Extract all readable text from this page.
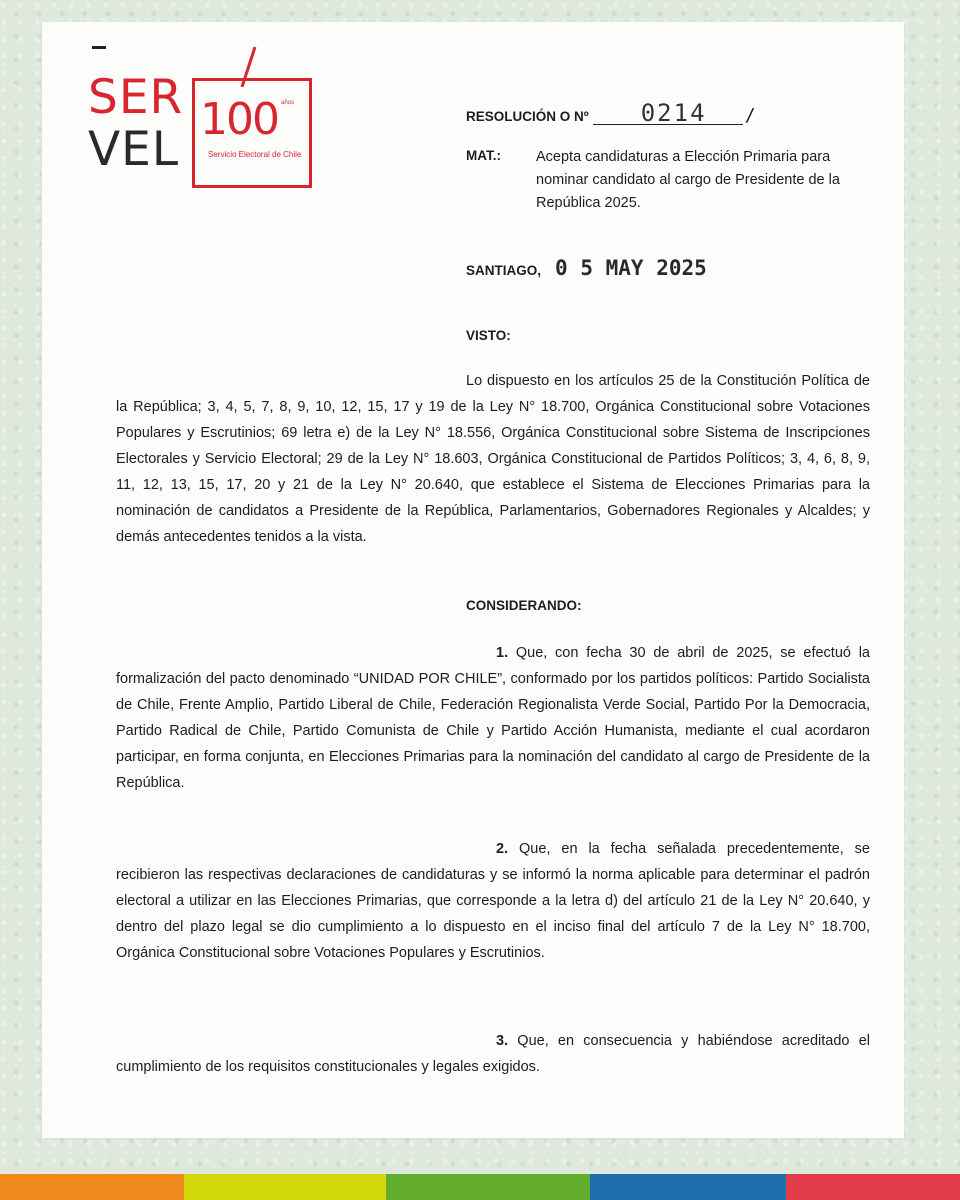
SER
VEL
100 años
Servicio Electoral de Chile
RESOLUCIÓN O Nº 0214 /
MAT.: Acepta candidaturas a Elección Primaria para nominar candidato al cargo de Presidente de la República 2025.
SANTIAGO, 0 5 MAY 2025
VISTO:
Lo dispuesto en los artículos 25 de la Constitución Política de la República; 3, 4, 5, 7, 8, 9, 10, 12, 15, 17 y 19 de la Ley N° 18.700, Orgánica Constitucional sobre Votaciones Populares y Escrutinios; 69 letra e) de la Ley N° 18.556, Orgánica Constitucional sobre Sistema de Inscripciones Electorales y Servicio Electoral; 29 de la Ley N° 18.603, Orgánica Constitucional de Partidos Políticos; 3, 4, 6, 8, 9, 11, 12, 13, 15, 17, 20 y 21 de la Ley N° 20.640, que establece el Sistema de Elecciones Primarias para la nominación de candidatos a Presidente de la República, Parlamentarios, Gobernadores Regionales y Alcaldes; y demás antecedentes tenidos a la vista.
CONSIDERANDO:
1. Que, con fecha 30 de abril de 2025, se efectuó la formalización del pacto denominado “UNIDAD POR CHILE”, conformado por los partidos políticos: Partido Socialista de Chile, Frente Amplio, Partido Liberal de Chile, Federación Regionalista Verde Social, Partido Por la Democracia, Partido Radical de Chile, Partido Comunista de Chile y Partido Acción Humanista, mediante el cual acordaron participar, en forma conjunta, en Elecciones Primarias para la nominación del candidato al cargo de Presidente de la República.
2. Que, en la fecha señalada precedentemente, se recibieron las respectivas declaraciones de candidaturas y se informó la norma aplicable para determinar el padrón electoral a utilizar en las Elecciones Primarias, que corresponde a la letra d) del artículo 21 de la Ley N° 20.640, y dentro del plazo legal se dio cumplimiento a lo dispuesto en el inciso final del artículo 7 de la Ley N° 18.700, Orgánica Constitucional sobre Votaciones Populares y Escrutinios.
3. Que, en consecuencia y habiéndose acreditado el cumplimiento de los requisitos constitucionales y legales exigidos.
